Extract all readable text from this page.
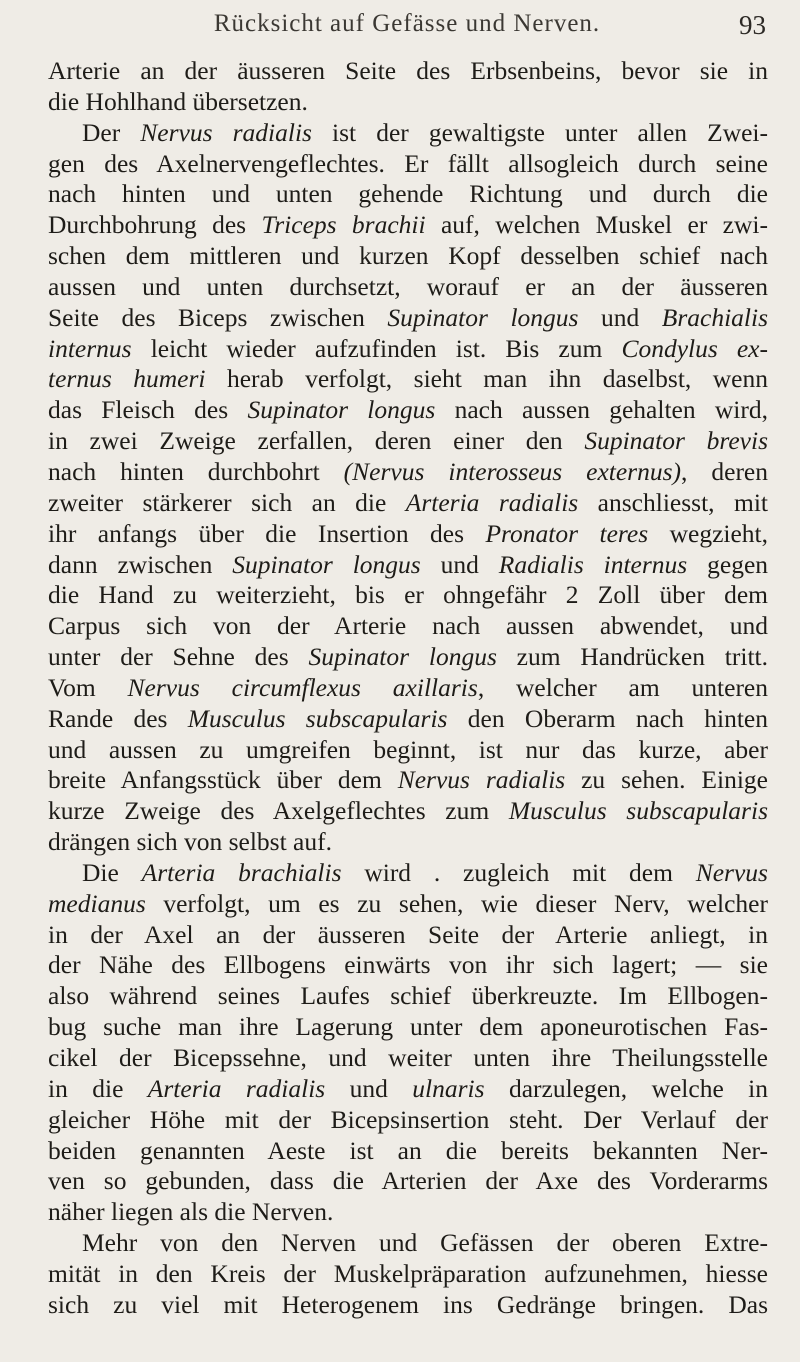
Rücksicht auf Gefässe und Nerven.	93
Arterie an der äusseren Seite des Erbsenbeins, bevor sie in
die Hohlhand übersetzen.
Der Nervus radialis ist der gewaltigste unter allen Zwei-
gen des Axelnervengeflechtes. Er fällt allsogleich durch seine
nach hinten und unten gehende Richtung und durch die
Durchbohrung des Triceps brachii auf, welchen Muskel er zwi-
schen dem mittleren und kurzen Kopf desselben schief nach
aussen und unten durchsetzt, worauf er an der äusseren
Seite des Biceps zwischen Supinator longus und Brachialis
internus leicht wieder aufzufinden ist. Bis zum Condylus ex-
ternus humeri herab verfolgt, sieht man ihn daselbst, wenn
das Fleisch des Supinator longus nach aussen gehalten wird,
in zwei Zweige zerfallen, deren einer den Supinator brevis
nach hinten durchbohrt (Nervus interosseus externus), deren
zweiter stärkerer sich an die Arteria radialis anschliesst, mit
ihr anfangs über die Insertion des Pronator teres wegzieht,
dann zwischen Supinator longus und Radialis internus gegen
die Hand zu weiterzieht, bis er ohngefähr 2 Zoll über dem
Carpus sich von der Arterie nach aussen abwendet, und
unter der Sehne des Supinator longus zum Handrücken tritt.
Vom Nervus circumflexus axillaris, welcher am unteren
Rande des Musculus subscapularis den Oberarm nach hinten
und aussen zu umgreifen beginnt, ist nur das kurze, aber
breite Anfangsstück über dem Nervus radialis zu sehen. Einige
kurze Zweige des Axelgeflechtes zum Musculus subscapularis
drängen sich von selbst auf.
Die Arteria brachialis wird . zugleich mit dem Nervus
medianus verfolgt, um es zu sehen, wie dieser Nerv, welcher
in der Axel an der äusseren Seite der Arterie anliegt, in
der Nähe des Ellbogens einwärts von ihr sich lagert; — sie
also während seines Laufes schief überkreuzte. Im Ellbogen-
bug suche man ihre Lagerung unter dem aponeurotischen Fas-
cikel der Bicepssehne, und weiter unten ihre Theilungsstelle
in die Arteria radialis und ulnaris darzulegen, welche in
gleicher Höhe mit der Bicepsinsertion steht. Der Verlauf der
beiden genannten Aeste ist an die bereits bekannten Ner-
ven so gebunden, dass die Arterien der Axe des Vorderarms
näher liegen als die Nerven.
Mehr von den Nerven und Gefässen der oberen Extre-
mität in den Kreis der Muskelpräparation aufzunehmen, hiesse
sich zu viel mit Heterogenem ins Gedränge bringen. Das
